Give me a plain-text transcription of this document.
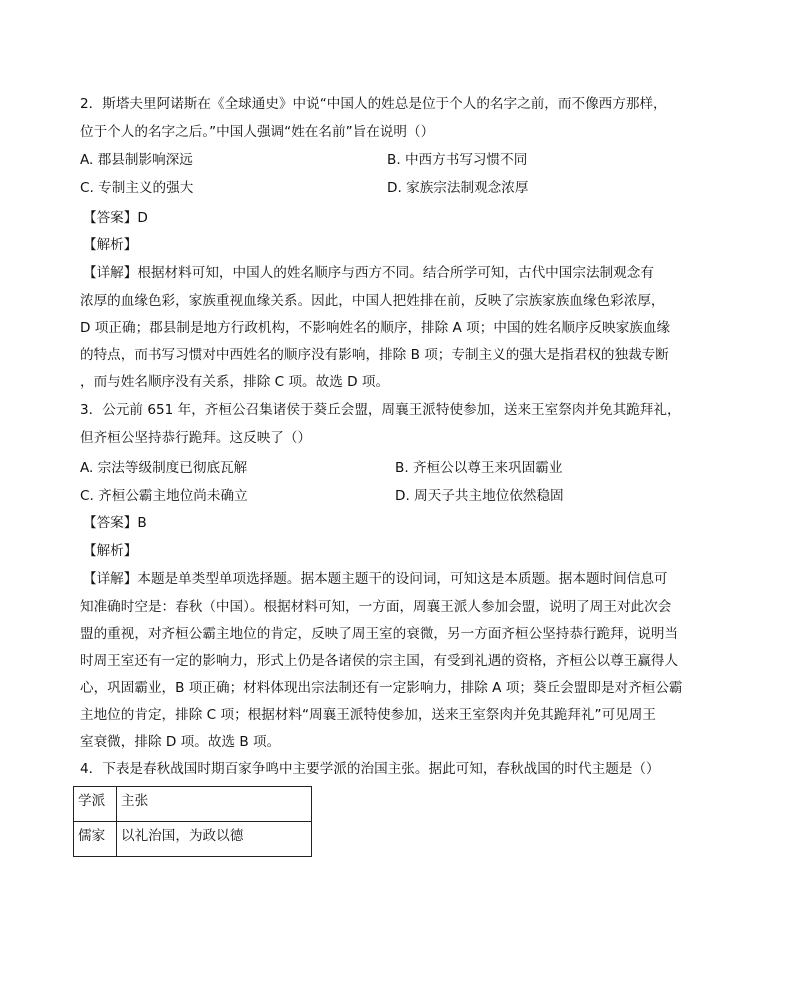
2．斯塔夫里阿诺斯在《全球通史》中说“中国人的姓总是位于个人的名字之前，而不像西方那样，
位于个人的名字之后。”中国人强调“姓在名前”旨在说明（）
A. 郡县制影响深远	B. 中西方书写习惯不同
C. 专制主义的强大	D. 家族宗法制观念浓厚
【答案】D
【解析】
【详解】根据材料可知，中国人的姓名顺序与西方不同。结合所学可知，古代中国宗法制观念有
浓厚的血缘色彩，家族重视血缘关系。因此，中国人把姓排在前，反映了宗族家族血缘色彩浓厚，
D 项正确；郡县制是地方行政机构，不影响姓名的顺序，排除 A 项；中国的姓名顺序反映家族血缘
的特点，而书写习惯对中西姓名的顺序没有影响，排除 B 项；专制主义的强大是指君权的独裁专断
，而与姓名顺序没有关系，排除 C 项。故选 D 项。
3．公元前 651 年，齐桓公召集诸侯于葵丘会盟，周襄王派特使参加，送来王室祭肉并免其跪拜礼，
但齐桓公坚持恭行跪拜。这反映了（）
A. 宗法等级制度已彻底瓦解	B. 齐桓公以尊王来巩固霸业
C. 齐桓公霸主地位尚未确立	D. 周天子共主地位依然稳固
【答案】B
【解析】
【详解】本题是单类型单项选择题。据本题主题干的设问词，可知这是本质题。据本题时间信息可
知准确时空是：春秋（中国）。根据材料可知，一方面，周襄王派人参加会盟，说明了周王对此次会
盟的重视，对齐桓公霸主地位的肯定，反映了周王室的衰微，另一方面齐桓公坚持恭行跪拜，说明当
时周王室还有一定的影响力，形式上仍是各诸侯的宗主国，有受到礼遇的资格，齐桓公以尊王赢得人
心，巩固霸业，B 项正确；材料体现出宗法制还有一定影响力，排除 A 项；葵丘会盟即是对齐桓公霸
主地位的肯定，排除 C 项；根据材料“周襄王派特使参加，送来王室祭肉并免其跪拜礼”可见周王
室衰微，排除 D 项。故选 B 项。
4．下表是春秋战国时期百家争鸣中主要学派的治国主张。据此可知，春秋战国的时代主题是（）
学派	主张
儒家	以礼治国，为政以德
